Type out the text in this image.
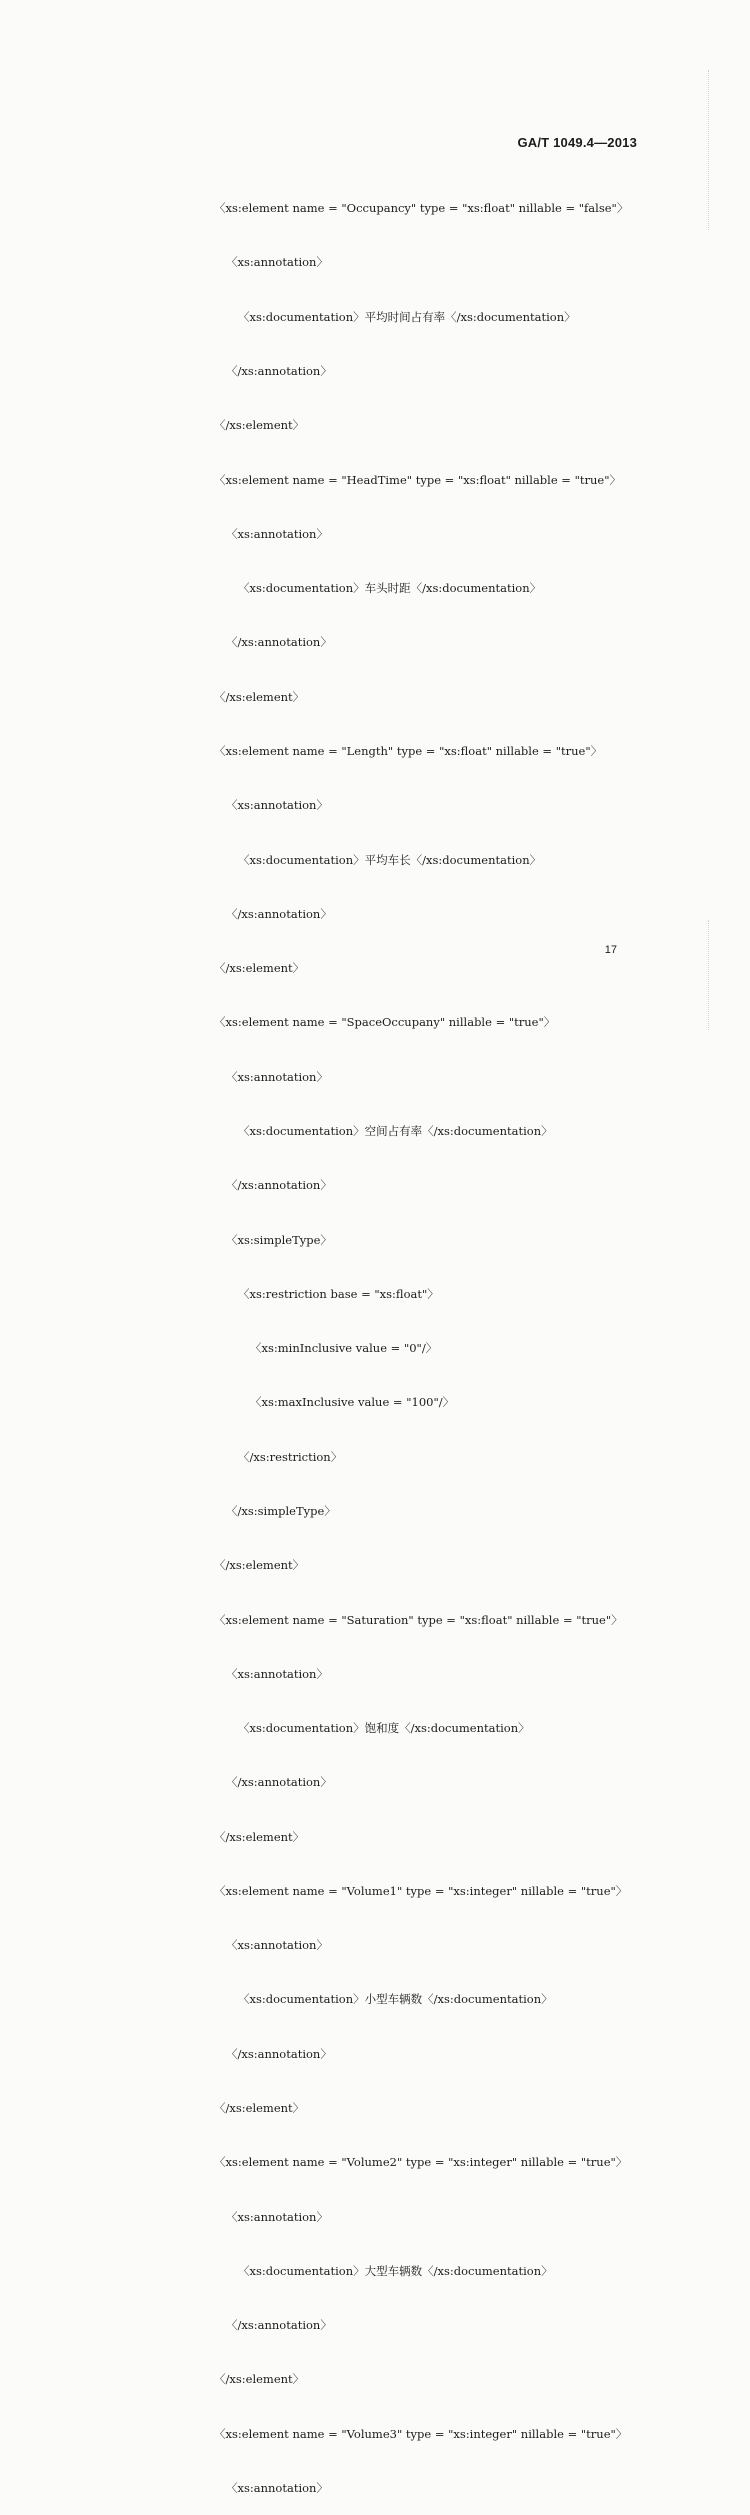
GA/T 1049.4—2013

〈xs:element name = "Occupancy" type = "xs:float" nillable = "false"〉

〈xs:annotation〉

〈xs:documentation〉平均时间占有率〈/xs:documentation〉

〈/xs:annotation〉

〈/xs:element〉

〈xs:element name = "HeadTime" type = "xs:float" nillable = "true"〉

〈xs:annotation〉

〈xs:documentation〉车头时距〈/xs:documentation〉

〈/xs:annotation〉

〈/xs:element〉

〈xs:element name = "Length" type = "xs:float" nillable = "true"〉

〈xs:annotation〉

〈xs:documentation〉平均车长〈/xs:documentation〉

〈/xs:annotation〉

〈/xs:element〉

〈xs:element name = "SpaceOccupany" nillable = "true"〉

〈xs:annotation〉

〈xs:documentation〉空间占有率〈/xs:documentation〉

〈/xs:annotation〉

〈xs:simpleType〉

〈xs:restriction base = "xs:float"〉

〈xs:minInclusive value = "0"/〉

〈xs:maxInclusive value = "100"/〉

〈/xs:restriction〉

〈/xs:simpleType〉

〈/xs:element〉

〈xs:element name = "Saturation" type = "xs:float" nillable = "true"〉

〈xs:annotation〉

〈xs:documentation〉饱和度〈/xs:documentation〉

〈/xs:annotation〉

〈/xs:element〉

〈xs:element name = "Volume1" type = "xs:integer" nillable = "true"〉

〈xs:annotation〉

〈xs:documentation〉小型车辆数〈/xs:documentation〉

〈/xs:annotation〉

〈/xs:element〉

〈xs:element name = "Volume2" type = "xs:integer" nillable = "true"〉

〈xs:annotation〉

〈xs:documentation〉大型车辆数〈/xs:documentation〉

〈/xs:annotation〉

〈/xs:element〉

〈xs:element name = "Volume3" type = "xs:integer" nillable = "true"〉

〈xs:annotation〉

17
